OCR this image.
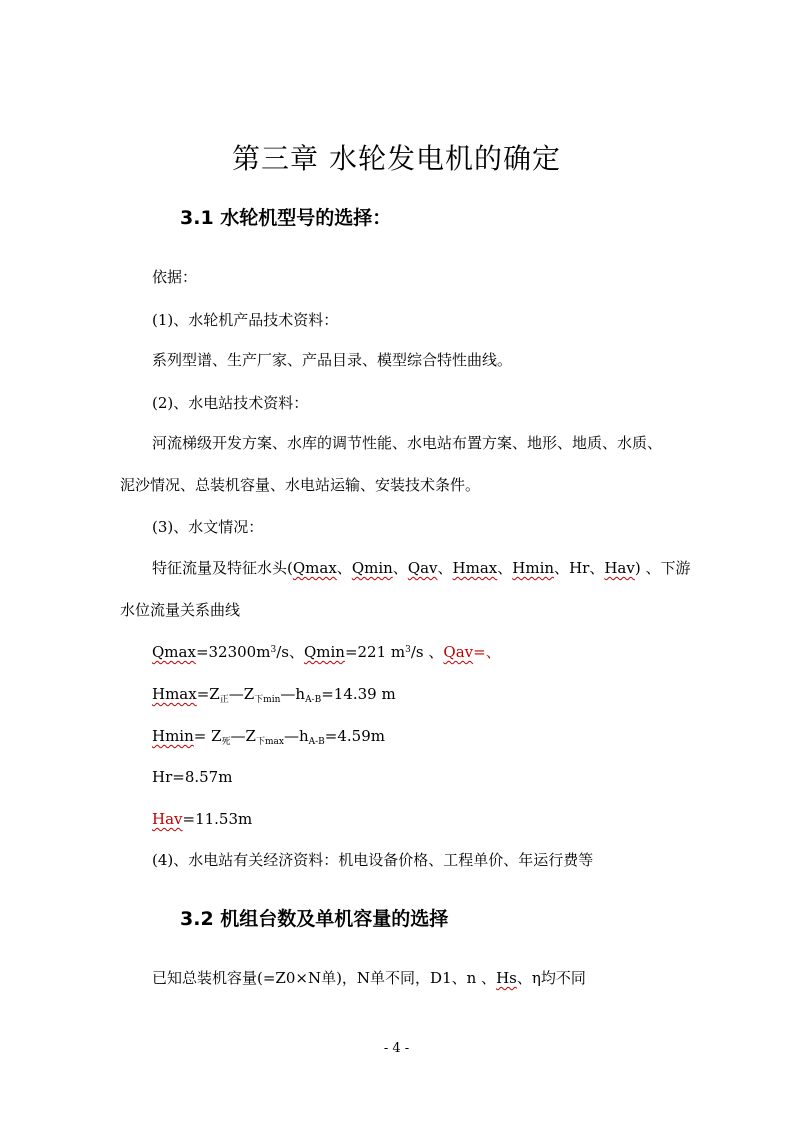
第三章 水轮发电机的确定
3.1 水轮机型号的选择：
依据：
(1)、水轮机产品技术资料：
系列型谱、生产厂家、产品目录、模型综合特性曲线。
(2)、水电站技术资料：
河流梯级开发方案、水库的调节性能、水电站布置方案、地形、地质、水质、
泥沙情况、总装机容量、水电站运输、安装技术条件。
(3)、水文情况：
特征流量及特征水头(Qmax、Qmin、Qav、Hmax、Hmin、Hr、Hav) 、下游
水位流量关系曲线
$Qmax=32300m^3/s$、Qmin=221 $m^3/s$ 、Qav=、
$Hmax=Z_正—Z_{下min}—h_{A-B}=14.39$ m
$Hmin= Z_死—Z_{下max}—h_{A-B}=4.59m$
Hr=8.57m
Hav=11.53m
(4)、水电站有关经济资料：机电设备价格、工程单价、年运行费等
3.2 机组台数及单机容量的选择
已知总装机容量(=Z0×N单)，N单不同，D1、n 、Hs、η均不同
- 4 -
